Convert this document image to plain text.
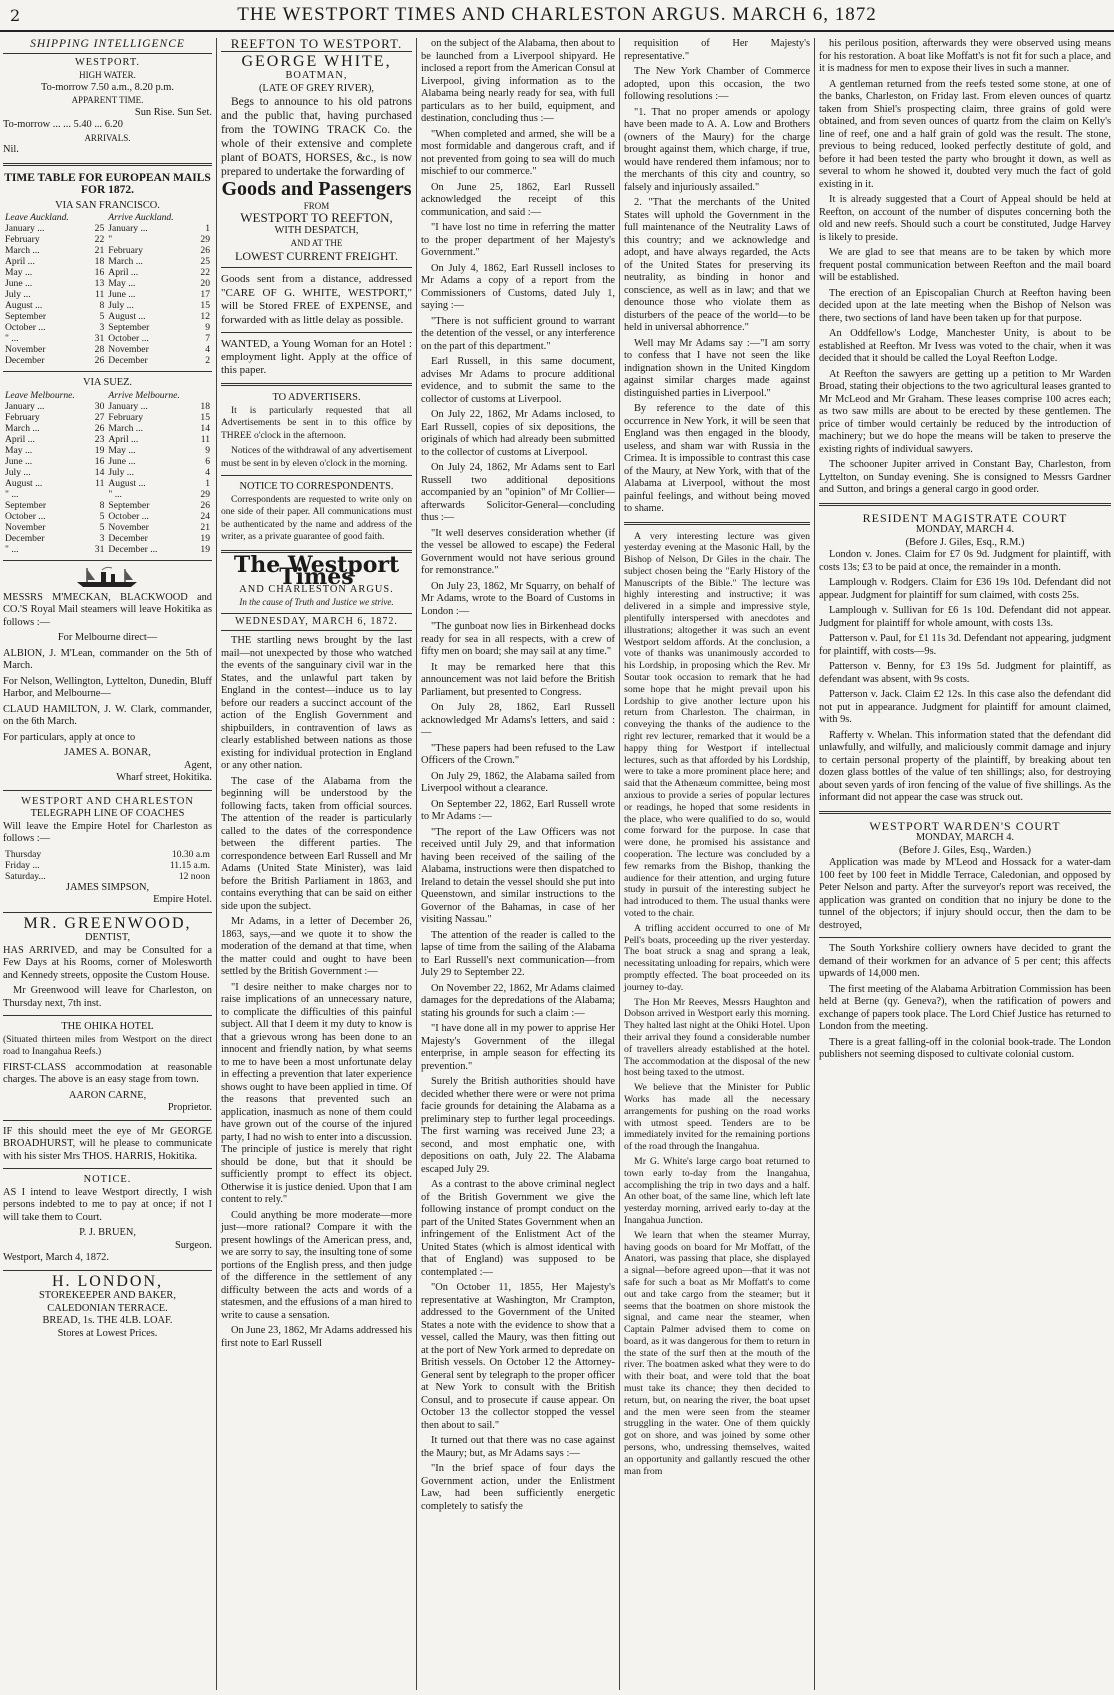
2	THE WESTPORT TIMES AND CHARLESTON ARGUS. MARCH 6, 1872
SHIPPING INTELLIGENCE
WESTPORT.
HIGH WATER.
To-morrow 7.50 a.m., 8.20 p.m.
APPARENT TIME.
Sun Rise. Sun Set.
To-morrow ... ... 5.40 ... 6.20
ARRIVALS.
Nil.
TIME TABLE FOR EUROPEAN MAILS FOR 1872.
VIA SAN FRANCISCO.
Leave Auckland.		Arrive Auckland.	
January ...	25	January ...	1
February	22	"	29
March ...	21	February	26
April ...	18	March ...	25
May ...	16	April ...	22
June ...	13	May ...	20
July ...	11	June ...	17
August ...	8	July ...	15
September	5	August ...	12
October ...	3	September	9
" ...	31	October ...	7
November	28	November	4
December	26	December	2
VIA SUEZ.
Leave Melbourne.		Arrive Melbourne.	
January ...	30	January ...	18
February	27	February	15
March ...	26	March ...	14
April ...	23	April ...	11
May ...	19	May ...	9
June ...	16	June ...	6
July ...	14	July ...	4
August ...	11	August ...	1
" ...		" ...	29
September	8	September	26
October ...	5	October ...	24
November	5	November	21
December	3	December	19
" ...	31	December ...	19

MESSRS M'MECKAN, BLACKWOOD and CO.'S Royal Mail steamers will leave Hokitika as follows :—

For Melbourne direct—

ALBION, J. M'Lean, commander on the 5th of March.

For Nelson, Wellington, Lyttelton, Dunedin, Bluff Harbor, and Melbourne—

CLAUD HAMILTON, J. W. Clark, commander, on the 6th March.

For particulars, apply at once to

JAMES A. BONAR,
Agent,
Wharf street, Hokitika.
WESTPORT AND CHARLESTON
TELEGRAPH LINE OF COACHES

Will leave the Empire Hotel for Charleston as follows :—

Thursday	10.30 a.m
Friday ...	11.15 a.m.
Saturday...	12 noon
JAMES SIMPSON,
Empire Hotel.
MR. GREENWOOD,
DENTIST,

HAS ARRIVED, and may be Consulted for a Few Days at his Rooms, corner of Molesworth and Kennedy streets, opposite the Custom House.

Mr Greenwood will leave for Charleston, on Thursday next, 7th inst.

THE OHIKA HOTEL

(Situated thirteen miles from Westport on the direct road to Inangahua Reefs.)

FIRST-CLASS accommodation at reasonable charges. The above is an easy stage from town.

AARON CARNE,
Proprietor.

IF this should meet the eye of Mr GEORGE BROADHURST, will he please to communicate with his sister Mrs THOS. HARRIS, Hokitika.

NOTICE.

AS I intend to leave Westport directly, I wish persons indebted to me to pay at once; if not I will take them to Court.

P. J. BRUEN,
Surgeon.
Westport, March 4, 1872.
H. LONDON,
STOREKEEPER AND BAKER,
CALEDONIAN TERRACE.
BREAD, 1s. THE 4LB. LOAF.
Stores at Lowest Prices.
REEFTON TO WESTPORT.
GEORGE WHITE,
BOATMAN,
(LATE OF GREY RIVER),

Begs to announce to his old patrons and the public that, having purchased from the TOWING TRACK Co. the whole of their extensive and complete plant of BOATS, HORSES, &c., is now prepared to undertake the forwarding of

Goods and Passengers
FROM
WESTPORT TO REEFTON,
WITH DESPATCH,
AND AT THE
LOWEST CURRENT FREIGHT.

Goods sent from a distance, addressed "CARE OF G. WHITE, WESTPORT," will be Stored FREE of EXPENSE, and forwarded with as little delay as possible.

WANTED, a Young Woman for an Hotel : employment light. Apply at the office of this paper.

TO ADVERTISERS.

It is particularly requested that all Advertisements be sent in to this office by THREE o'clock in the afternoon.

Notices of the withdrawal of any advertisement must be sent in by eleven o'clock in the morning.

NOTICE TO CORRESPONDENTS.

Correspondents are requested to write only on one side of their paper. All communications must be authenticated by the name and address of the writer, as a private guarantee of good faith.

The Westport Times
AND CHARLESTON ARGUS.
In the cause of Truth and Justice we strive.
WEDNESDAY, MARCH 6, 1872.

THE startling news brought by the last mail—not unexpected by those who watched the events of the sanguinary civil war in the States, and the unlawful part taken by England in the contest—induce us to lay before our readers a succinct account of the action of the English Government and shipbuilders, in contravention of laws as clearly established between nations as those existing for individual protection in England or any other nation.

The case of the Alabama from the beginning will be understood by the following facts, taken from official sources. The attention of the reader is particularly called to the dates of the correspondence between the different parties. The correspondence between Earl Russell and Mr Adams (United State Minister), was laid before the British Parliament in 1863, and contains everything that can be said on either side upon the subject.

Mr Adams, in a letter of December 26, 1863, says,—and we quote it to show the moderation of the demand at that time, when the matter could and ought to have been settled by the British Government :—

"I desire neither to make charges nor to raise implications of an unnecessary nature, to complicate the difficulties of this painful subject. All that I deem it my duty to know is that a grievous wrong has been done to an innocent and friendly nation, by what seems to me to have been a most unfortunate delay in effecting a prevention that later experience shows ought to have been applied in time. Of the reasons that prevented such an application, inasmuch as none of them could have grown out of the course of the injured party, I had no wish to enter into a discussion. The principle of justice is merely that right should be done, but that it should be sufficiently prompt to effect its object. Otherwise it is justice denied. Upon that I am content to rely."

Could anything be more moderate—more just—more rational? Compare it with the present howlings of the American press, and, we are sorry to say, the insulting tone of some portions of the English press, and then judge of the difference in the settlement of any difficulty between the acts and words of a statesmen, and the effusions of a man hired to write to cause a sensation.

On June 23, 1862, Mr Adams addressed his first note to Earl Russell

on the subject of the Alabama, then about to be launched from a Liverpool shipyard. He inclosed a report from the American Consul at Liverpool, giving information as to the Alabama being nearly ready for sea, with full particulars as to her build, equipment, and destination, concluding thus :—

"When completed and armed, she will be a most formidable and dangerous craft, and if not prevented from going to sea will do much mischief to our commerce."

On June 25, 1862, Earl Russell acknowledged the receipt of this communication, and said :—

"I have lost no time in referring the matter to the proper department of her Majesty's Government."

On July 4, 1862, Earl Russell incloses to Mr Adams a copy of a report from the Commissioners of Customs, dated July 1, saying :—

"There is not sufficient ground to warrant the detention of the vessel, or any interference on the part of this department."

Earl Russell, in this same document, advises Mr Adams to procure additional evidence, and to submit the same to the collector of customs at Liverpool.

On July 22, 1862, Mr Adams inclosed, to Earl Russell, copies of six depositions, the originals of which had already been submitted to the collector of customs at Liverpool.

On July 24, 1862, Mr Adams sent to Earl Russell two additional depositions accompanied by an "opinion" of Mr Collier—afterwards Solicitor-General—concluding thus :—

"It well deserves consideration whether (if the vessel be allowed to escape) the Federal Government would not have serious ground for remonstrance."

On July 23, 1862, Mr Squarry, on behalf of Mr Adams, wrote to the Board of Customs in London :—

"The gunboat now lies in Birkenhead docks ready for sea in all respects, with a crew of fifty men on board; she may sail at any time."

It may be remarked here that this announcement was not laid before the British Parliament, but presented to Congress.

On July 28, 1862, Earl Russell acknowledged Mr Adams's letters, and said :—

"These papers had been refused to the Law Officers of the Crown."

On July 29, 1862, the Alabama sailed from Liverpool without a clearance.

On September 22, 1862, Earl Russell wrote to Mr Adams :—

"The report of the Law Officers was not received until July 29, and that information having been received of the sailing of the Alabama, instructions were then dispatched to Ireland to detain the vessel should she put into Queenstown, and similar instructions to the Governor of the Bahamas, in case of her visiting Nassau."

The attention of the reader is called to the lapse of time from the sailing of the Alabama to Earl Russell's next communication—from July 29 to September 22.

On November 22, 1862, Mr Adams claimed damages for the depredations of the Alabama; stating his grounds for such a claim :—

"I have done all in my power to apprise Her Majesty's Government of the illegal enterprise, in ample season for effecting its prevention."

Surely the British authorities should have decided whether there were or were not prima facie grounds for detaining the Alabama as a preliminary step to further legal proceedings. The first warning was received June 23; a second, and most emphatic one, with depositions on oath, July 22. The Alabama escaped July 29.

As a contrast to the above criminal neglect of the British Government we give the following instance of prompt conduct on the part of the United States Government when an infringement of the Enlistment Act of the United States (which is almost identical with that of England) was supposed to be contemplated :—

"On October 11, 1855, Her Majesty's representative at Washington, Mr Crampton, addressed to the Government of the United States a note with the evidence to show that a vessel, called the Maury, was then fitting out at the port of New York armed to depredate on British vessels. On October 12 the Attorney-General sent by telegraph to the proper officer at New York to consult with the British Consul, and to prosecute if cause appear. On October 13 the collector stopped the vessel then about to sail."

It turned out that there was no case against the Maury; but, as Mr Adams says :—

"In the brief space of four days the Government action, under the Enlistment Law, had been sufficiently energetic completely to satisfy the

requisition of Her Majesty's representative."

The New York Chamber of Commerce adopted, upon this occasion, the two following resolutions :—

"1. That no proper amends or apology have been made to A. A. Low and Brothers (owners of the Maury) for the charge brought against them, which charge, if true, would have rendered them infamous; nor to the merchants of this city and country, so falsely and injuriously assailed."

2. "That the merchants of the United States will uphold the Government in the full maintenance of the Neutrality Laws of this country; and we acknowledge and adopt, and have always regarded, the Acts of the United States for preserving its neutrality, as binding in honor and conscience, as well as in law; and that we denounce those who violate them as disturbers of the peace of the world—to be held in universal abhorrence."

Well may Mr Adams say :—"I am sorry to confess that I have not seen the like indignation shown in the United Kingdom against similar charges made against distinguished parties in Liverpool."

By reference to the date of this occurrence in New York, it will be seen that England was then engaged in the bloody, useless, and sham war with Russia in the Crimea. It is impossible to contrast this case of the Maury, at New York, with that of the Alabama at Liverpool, without the most painful feelings, and without being moved to shame.

A very interesting lecture was given yesterday evening at the Masonic Hall, by the Bishop of Nelson, Dr Giles in the chair. The subject chosen being the "Early History of the Manuscripts of the Bible." The lecture was highly interesting and instructive; it was delivered in a simple and impressive style, plentifully interspersed with anecdotes and illustrations; altogether it was such an event Westport seldom affords. At the conclusion, a vote of thanks was unanimously accorded to his Lordship, in proposing which the Rev. Mr Soutar took occasion to remark that he had some hope that he might prevail upon his Lordship to give another lecture upon his return from Charleston. The chairman, in conveying the thanks of the audience to the right rev lecturer, remarked that it would be a happy thing for Westport if intellectual lectures, such as that afforded by his Lordship, were to take a more prominent place here; and said that the Athenæum committee, being most anxious to provide a series of popular lectures or readings, he hoped that some residents in the place, who were qualified to do so, would come forward for the purpose. In case that were done, he promised his assistance and cooperation. The lecture was concluded by a few remarks from the Bishop, thanking the audience for their attention, and urging future study in pursuit of the interesting subject he had introduced to them. The usual thanks were voted to the chair.

A trifling accident occurred to one of Mr Pell's boats, proceeding up the river yesterday. The boat struck a snag and sprang a leak, necessitating unloading for repairs, which were promptly effected. The boat proceeded on its journey to-day.

The Hon Mr Reeves, Messrs Haughton and Dobson arrived in Westport early this morning. They halted last night at the Ohiki Hotel. Upon their arrival they found a considerable number of travellers already established at the hotel. The accommodation at the disposal of the new host being taxed to the utmost.

We believe that the Minister for Public Works has made all the necessary arrangements for pushing on the road works with utmost speed. Tenders are to be immediately invited for the remaining portions of the road through the Inangahua.

Mr G. White's large cargo boat returned to town early to-day from the Inangahua, accomplishing the trip in two days and a half. An other boat, of the same line, which left late yesterday morning, arrived early to-day at the Inangahua Junction.

We learn that when the steamer Murray, having goods on board for Mr Moffatt, of the Anatori, was passing that place, she displayed a signal—before agreed upon—that it was not safe for such a boat as Mr Moffatt's to come out and take cargo from the steamer; but it seems that the boatmen on shore mistook the signal, and came near the steamer, when Captain Palmer advised them to come on board, as it was dangerous for them to return in the state of the surf then at the mouth of the river. The boatmen asked what they were to do with their boat, and were told that the boat must take its chance; they then decided to return, but, on nearing the river, the boat upset and the men were seen from the steamer struggling in the water. One of them quickly got on shore, and was joined by some other persons, who, undressing themselves, waited an opportunity and gallantly rescued the other man from

his perilous position, afterwards they were observed using means for his restoration. A boat like Moffatt's is not fit for such a place, and it is madness for men to expose their lives in such a manner.

A gentleman returned from the reefs tested some stone, at one of the banks, Charleston, on Friday last. From eleven ounces of quartz taken from Shiel's prospecting claim, three grains of gold were obtained, and from seven ounces of quartz from the claim on Kelly's line of reef, one and a half grain of gold was the result. The stone, previous to being reduced, looked perfectly destitute of gold, and before it had been tested the party who brought it down, as well as several to whom he showed it, doubted very much the fact of gold existing in it.

It is already suggested that a Court of Appeal should be held at Reefton, on account of the number of disputes concerning both the old and new reefs. Should such a court be constituted, Judge Harvey is likely to preside.

We are glad to see that means are to be taken by which more frequent postal communication between Reefton and the mail board will be established.

The erection of an Episcopalian Church at Reefton having been decided upon at the late meeting when the Bishop of Nelson was there, two sections of land have been taken up for that purpose.

An Oddfellow's Lodge, Manchester Unity, is about to be established at Reefton. Mr Ivess was voted to the chair, when it was decided that it should be called the Loyal Reefton Lodge.

At Reefton the sawyers are getting up a petition to Mr Warden Broad, stating their objections to the two agricultural leases granted to Mr McLeod and Mr Graham. These leases comprise 100 acres each; as two saw mills are about to be erected by these gentlemen. The price of timber would certainly be reduced by the introduction of machinery; but we do hope the means will be taken to preserve the existing rights of individual sawyers.

The schooner Jupiter arrived in Constant Bay, Charleston, from Lyttelton, on Sunday evening. She is consigned to Messrs Gardner and Sutton, and brings a general cargo in good order.

RESIDENT MAGISTRATE COURT
MONDAY, MARCH 4.
(Before J. Giles, Esq., R.M.)

London v. Jones. Claim for £7 0s 9d. Judgment for plaintiff, with costs 13s; £3 to be paid at once, the remainder in a month.

Lamplough v. Rodgers. Claim for £36 19s 10d. Defendant did not appear. Judgment for plaintiff for sum claimed, with costs 25s.

Lamplough v. Sullivan for £6 1s 10d. Defendant did not appear. Judgment for plaintiff for whole amount, with costs 13s.

Patterson v. Paul, for £1 11s 3d. Defendant not appearing, judgment for plaintiff, with costs—9s.

Patterson v. Benny, for £3 19s 5d. Judgment for plaintiff, as defendant was absent, with 9s costs.

Patterson v. Jack. Claim £2 12s. In this case also the defendant did not put in appearance. Judgment for plaintiff for amount claimed, with 9s.

Rafferty v. Whelan. This information stated that the defendant did unlawfully, and wilfully, and maliciously commit damage and injury to certain personal property of the plaintiff, by breaking about ten dozen glass bottles of the value of ten shillings; also, for destroying about seven yards of iron fencing of the value of five shillings. As the informant did not appear the case was struck out.

WESTPORT WARDEN'S COURT
MONDAY, MARCH 4.
(Before J. Giles, Esq., Warden.)

Application was made by M'Leod and Hossack for a water-dam 100 feet by 100 feet in Middle Terrace, Caledonian, and opposed by Peter Nelson and party. After the surveyor's report was received, the application was granted on condition that no injury be done to the tunnel of the objectors; if injury should occur, then the dam to be destroyed,

The South Yorkshire colliery owners have decided to grant the demand of their workmen for an advance of 5 per cent; this affects upwards of 14,000 men.

The first meeting of the Alabama Arbitration Commission has been held at Berne (qy. Geneva?), when the ratification of powers and exchange of papers took place. The Lord Chief Justice has returned to London from the meeting.

There is a great falling-off in the colonial book-trade. The London publishers not seeming disposed to cultivate colonial custom.
